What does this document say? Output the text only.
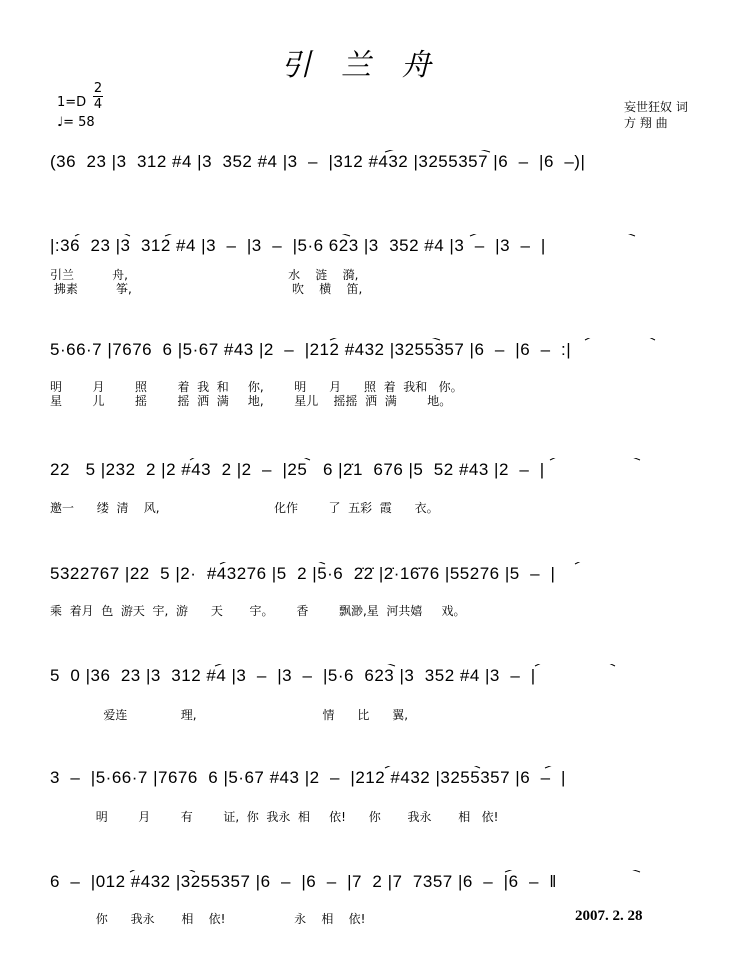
引兰舟
1=D
2
4
♩= 58
妄世狂奴 词
方 翔 曲
(36  23 |3  312 #4 |3  352 #4 |3  –  |312 #432 |3255357 |6  –  |6  –)|
|:36  23 |3  312 #4 |3  –  |3  –  |5·6 623 |3  352 #4 |3  –  |3  –  |
引兰          舟,                                          水    涟    漪,
拂素          筝,                                          吹    横    笛,
5·66·7 |7676  6 |5·67 #43 |2  –  |212 #432 |3255357 |6  –  |6  –  :|
明        月        照        着  我  和     你,        明      月      照  着  我和   你。
星        儿        摇        摇  洒  满     地,        星儿    摇摇  洒  满        地。
22   5 |232  2 |2 #43  2 |2  –  |25   6 |2̇1  676 |5  52 #43 |2  –  |
邀一      缕  清    风,                              化作        了  五彩  霞      衣。
5322767 |22  5 |2·  #43276 |5  2 |5·6  2̇2̇ |2̇·16̇76 |55276 |5  –  |
乘  着月  色  游天  宇,  游      天       宇。      香        飘渺,星  河共嬉     戏。
5  0 |36  23 |3  312 #4 |3  –  |3  –  |5·6  623 |3  352 #4 |3  –  |
爱连              理,                                 情      比      翼,
3  –  |5·66·7 |7676  6 |5·67 #43 |2  –  |212 #432 |3255357 |6  –  |
明        月        有        证,  你  我永  相     依!      你       我永       相   依!
6  –  |012 #432 |3255357 |6  –  |6  –  |7  2 |7  7357 |6  –  |6  –  ‖
你      我永       相    依!                  永    相    依!	2007. 2. 28
